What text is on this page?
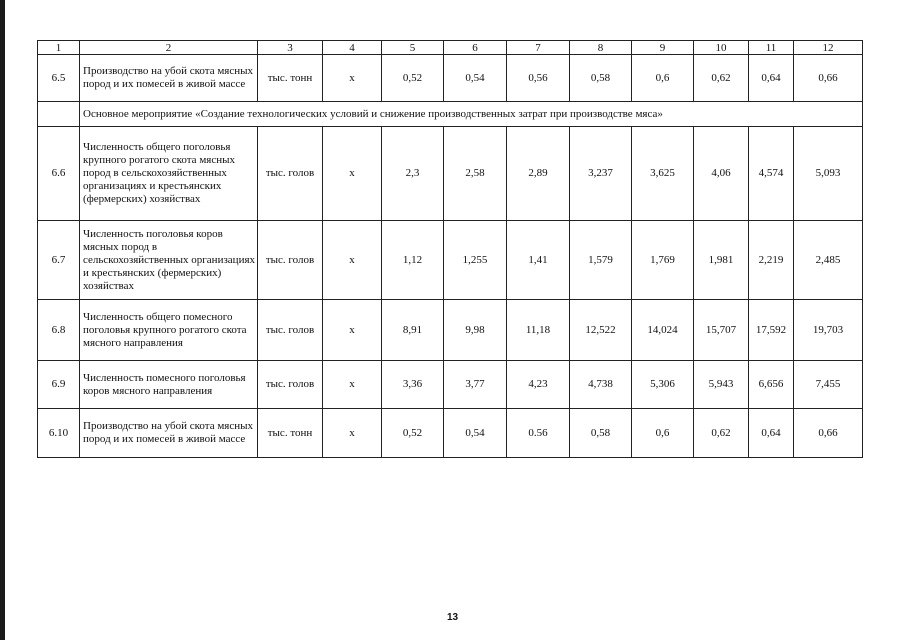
1	2	3	4	5	6	7	8	9	10	11	12
6.5	Производство на убой скота мясных пород и их помесей в живой массе	тыс. тонн	х	0,52	0,54	0,56	0,58	0,6	0,62	0,64	0,66
	Основное мероприятие «Создание технологических условий и снижение производственных затрат при производстве мяса»										
6.6	Численность общего поголовья крупного рогатого скота мясных пород в сельскохозяйственных организациях и крестьянских (фермерских) хозяйствах	тыс. голов	х	2,3	2,58	2,89	3,237	3,625	4,06	4,574	5,093
6.7	Численность поголовья коров мясных пород в сельскохозяйственных организациях и крестьянских (фермерских) хозяйствах	тыс. голов	х	1,12	1,255	1,41	1,579	1,769	1,981	2,219	2,485
6.8	Численность общего помесного поголовья крупного рогатого скота мясного направления	тыс. голов	х	8,91	9,98	11,18	12,522	14,024	15,707	17,592	19,703
6.9	Численность помесного поголовья коров мясного направления	тыс. голов	х	3,36	3,77	4,23	4,738	5,306	5,943	6,656	7,455
6.10	Производство на убой скота мясных пород и их помесей в живой массе	тыс. тонн	х	0,52	0,54	0.56	0,58	0,6	0,62	0,64	0,66
13
